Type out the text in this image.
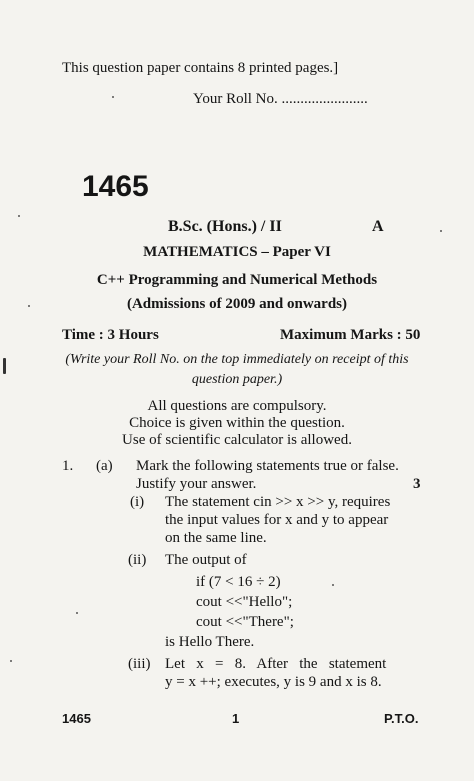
This question paper contains 8 printed pages.]
Your Roll No. .......................
1465
B.Sc. (Hons.) / II	A
MATHEMATICS – Paper VI
C++ Programming and Numerical Methods
(Admissions of 2009 and onwards)
Time : 3 Hours	Maximum Marks : 50
(Write your Roll No. on the top immediately on receipt of this
question paper.)
All questions are compulsory.
Choice is given within the question.
Use of scientific calculator is allowed.
1. (a) Mark the following statements true or false.
Justify your answer.	3
(i) The statement cin >> x >> y, requires
the input values for x and y to appear
on the same line.
(ii) The output of
if (7 < 16 ÷ 2)
cout <<"Hello";
cout <<"There";
is Hello There.
(iii) Let   x   =   8.   After   the   statement
y = x ++; executes, y is 9 and x is 8.
1465	1	P.T.O.
